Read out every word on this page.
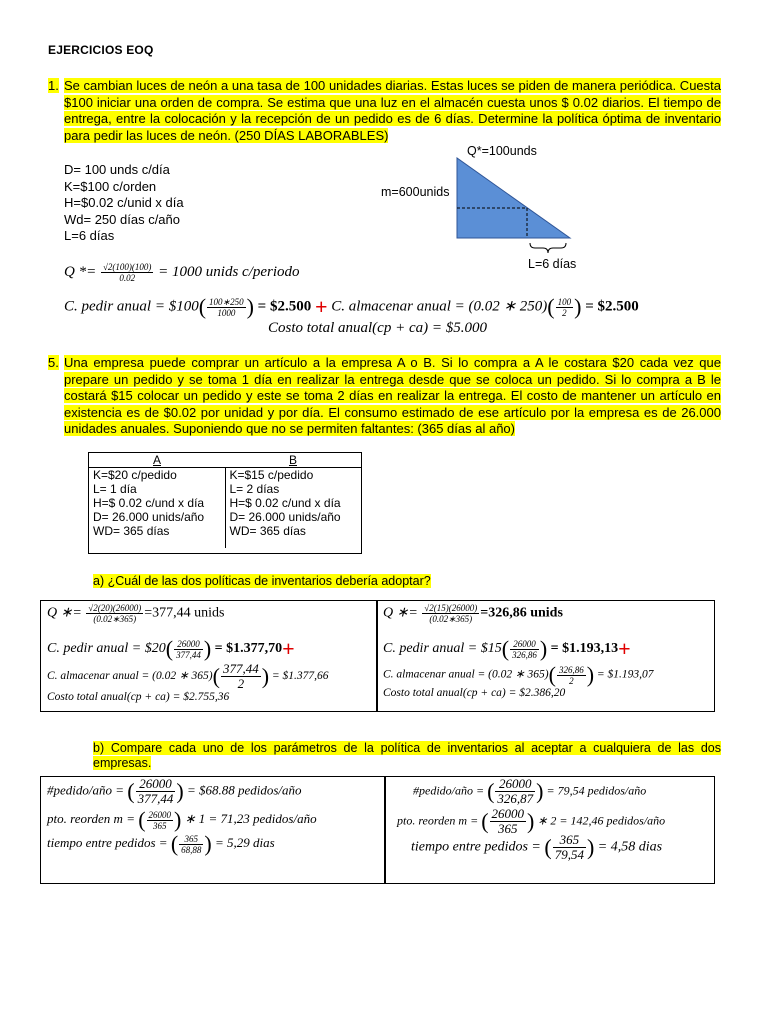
EJERCICIOS EOQ
1. Se cambian luces de neón a una tasa de 100 unidades diarias. Estas luces se piden de manera periódica. Cuesta $100 iniciar una orden de compra. Se estima que una luz en el almacén cuesta unos $ 0.02 diarios. El tiempo de entrega, entre la colocación y la recepción de un pedido es de 6 días. Determine la política óptima de inventario para pedir las luces de neón. (250 DÍAS LABORABLES)
D= 100 unds c/día
K=$100 c/orden
H=$0.02 c/unid x día
Wd= 250 días c/año
L=6 días
Q*=100unds
m=600unids
L=6 días
$Q *= \frac{√2(100)(100)}{0.02} = 1000$ unids c/periodo
C. pedir anual = $100( $\frac{100∗250}{1000}$ ) = $2.500 + C. almacenar anual = (0.02 ∗ $250)( \frac{100}{2}$ ) = $2.500
Costo total anual(cp + ca) = $5.000
5. Una empresa puede comprar un artículo a la empresa A o B. Si lo compra a A le costara $20 cada vez que prepare un pedido y se toma 1 día en realizar la entrega desde que se coloca un pedido. Si lo compra a B le costará $15 colocar un pedido y este se toma 2 días en realizar la entrega. El costo de mantener un artículo en existencia es de $0.02 por unidad y por día. El consumo estimado de ese artículo por la empresa es de 26.000 unidades anuales. Suponiendo que no se permiten faltantes: (365 días al año)
A	B
K=$20 c/pedido	K=$15 c/pedido
L= 1 día	L= 2 días
H=$ 0.02 c/und x día	H=$ 0.02 c/und x día
D= 26.000 unids/año	D= 26.000 unids/año
WD= 365 días	WD= 365 días
a) ¿Cuál de las dos políticas de inventarios debería adoptar?
Q ∗= $\frac{√2(20)(26000)}{(0.02∗365)} =377,44$ unids
C. pedir anual = $20( $\frac{26000}{377,44}$ ) = $1.377,70+
C. almacenar anual = (0.02 ∗ $365)( \frac{377,44}{2}$ ) = $1.377,66
Costo total anual(cp + ca) = $2.755,36
Q ∗= $\frac{√2(15)(26000)}{(0.02∗365)} =326,86$ unids
C. pedir anual = $15( $\frac{26000}{326,86}$ ) = $1.193,13+
C. almacenar anual = (0.02 ∗ $365)( \frac{326,86}{2}$ ) = $1.193,07
Costo total anual(cp + ca) = $2.386,20
b) Compare cada uno de los parámetros de la política de inventarios al aceptar a cualquiera de las dos empresas.
#pedido/año = ( $\frac{26000}{377,44}$ ) = $68.88 pedidos/año
pto. reorden m = ( $\frac{26000}{365}$ ) ∗ 1 = 71,23 pedidos/año
tiempo entre pedidos = ( $\frac{365}{68,88}$ ) = 5,29 dias
#pedido/año = ( $\frac{26000}{326,87}$ ) = 79,54 pedidos/año
pto. reorden m = ( $\frac{26000}{365}$ ) ∗ 2 = 142,46 pedidos/año
tiempo entre pedidos = ( $\frac{365}{79,54}$ ) = 4,58 dias
